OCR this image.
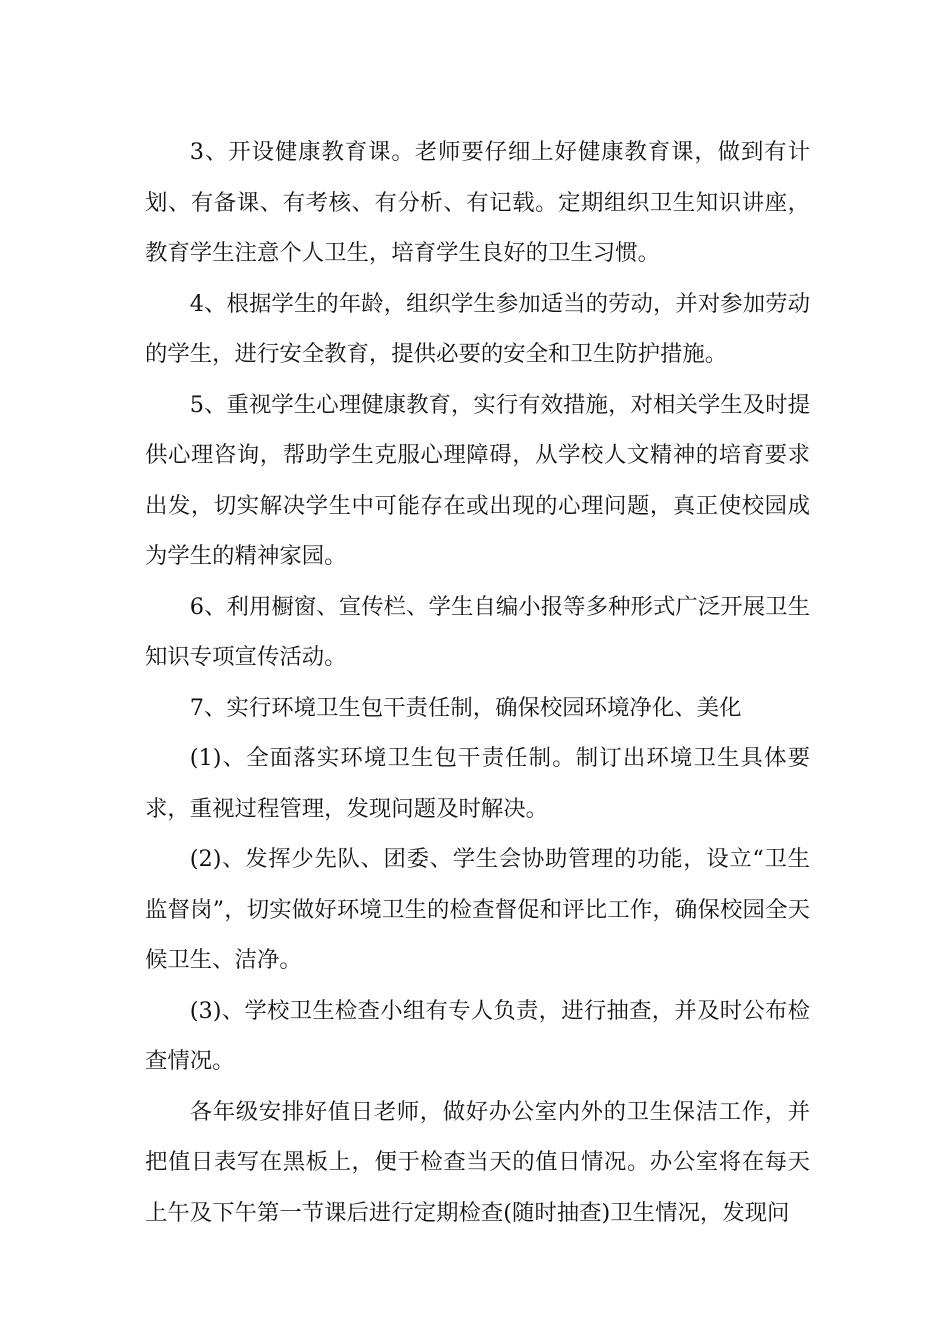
3、开设健康教育课。老师要仔细上好健康教育课，做到有计划、有备课、有考核、有分析、有记载。定期组织卫生知识讲座，教育学生注意个人卫生，培育学生良好的卫生习惯。

4、根据学生的年龄，组织学生参加适当的劳动，并对参加劳动的学生，进行安全教育，提供必要的安全和卫生防护措施。

5、重视学生心理健康教育，实行有效措施，对相关学生及时提供心理咨询，帮助学生克服心理障碍，从学校人文精神的培育要求出发，切实解决学生中可能存在或出现的心理问题，真正使校园成为学生的精神家园。

6、利用橱窗、宣传栏、学生自编小报等多种形式广泛开展卫生知识专项宣传活动。

7、实行环境卫生包干责任制，确保校园环境净化、美化

(1)、全面落实环境卫生包干责任制。制订出环境卫生具体要求，重视过程管理，发现问题及时解决。

(2)、发挥少先队、团委、学生会协助管理的功能，设立“卫生监督岗”，切实做好环境卫生的检查督促和评比工作，确保校园全天候卫生、洁净。

(3)、学校卫生检查小组有专人负责，进行抽查，并及时公布检查情况。

各年级安排好值日老师，做好办公室内外的卫生保洁工作，并把值日表写在黑板上，便于检查当天的值日情况。办公室将在每天上午及下午第一节课后进行定期检查(随时抽查)卫生情况，发现问
